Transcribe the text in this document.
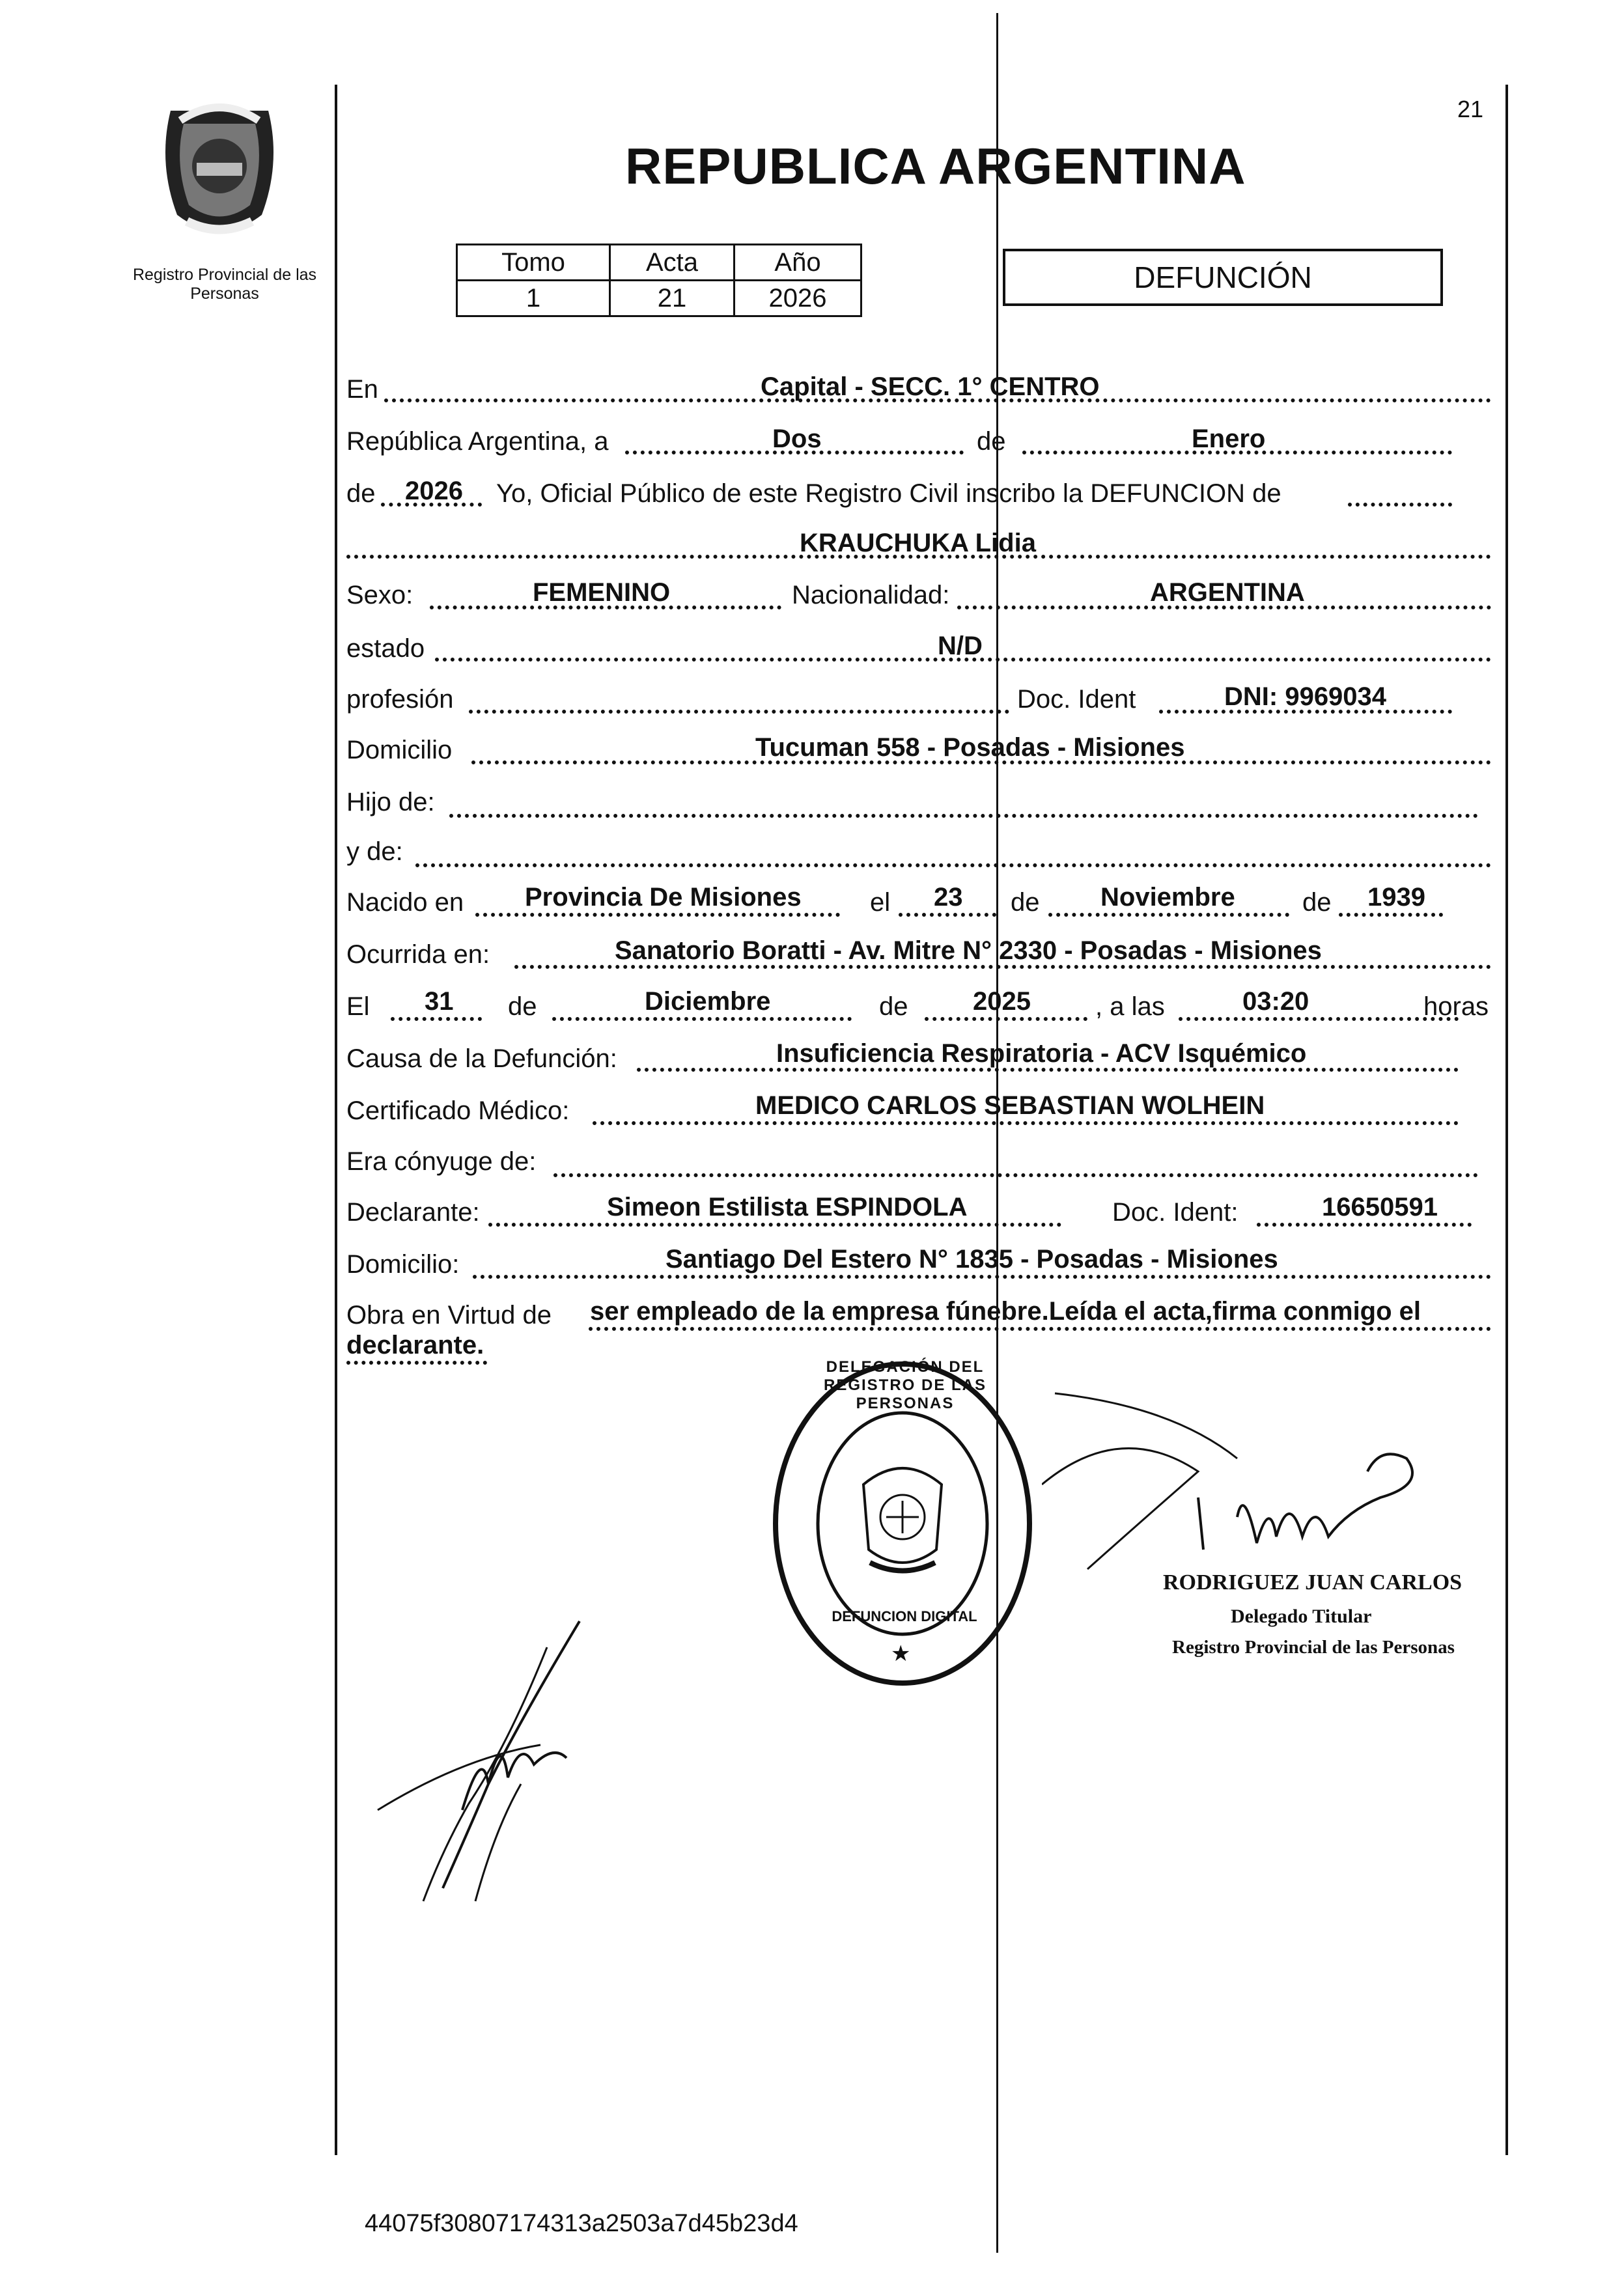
Registro Provincial de las Personas
21
REPUBLICA ARGENTINA
Tomo	Acta	Año
1	21	2026
DEFUNCIÓN
En	Capital - SECC. 1° CENTRO
República Argentina, a	Dos	de	Enero
de 2026 Yo, Oficial Público de este Registro Civil inscribo la DEFUNCION de
KRAUCHUKA Lidia
Sexo:	FEMENINO	Nacionalidad:	ARGENTINA
estado	N/D
profesión	Doc. Ident	DNI: 9969034
Domicilio	Tucuman 558 - Posadas - Misiones
Hijo de:
y de:
Nacido en Provincia De Misiones	el 23 de Noviembre	de 1939
Ocurrida en:	Sanatorio Boratti - Av. Mitre N° 2330 - Posadas - Misiones
El 31 de	Diciembre	de 2025 , a las	03:20	horas
Causa de la Defunción:	Insuficiencia Respiratoria - ACV Isquémico
Certificado Médico:	MEDICO CARLOS SEBASTIAN WOLHEIN
Era cónyuge de:
Declarante:	Simeon Estilista ESPINDOLA	Doc. Ident:	16650591
Domicilio:	Santiago Del Estero N° 1835 - Posadas - Misiones
Obra en Virtud de ser empleado de la empresa fúnebre.Leída el acta,firma conmigo el
declarante.
DELEGACIÓN DEL REGISTRO DE LAS PERSONAS
DEFUNCION DIGITAL
★
RODRIGUEZ JUAN CARLOS
Delegado Titular
Registro Provincial de las Personas
44075f30807174313a2503a7d45b23d4
